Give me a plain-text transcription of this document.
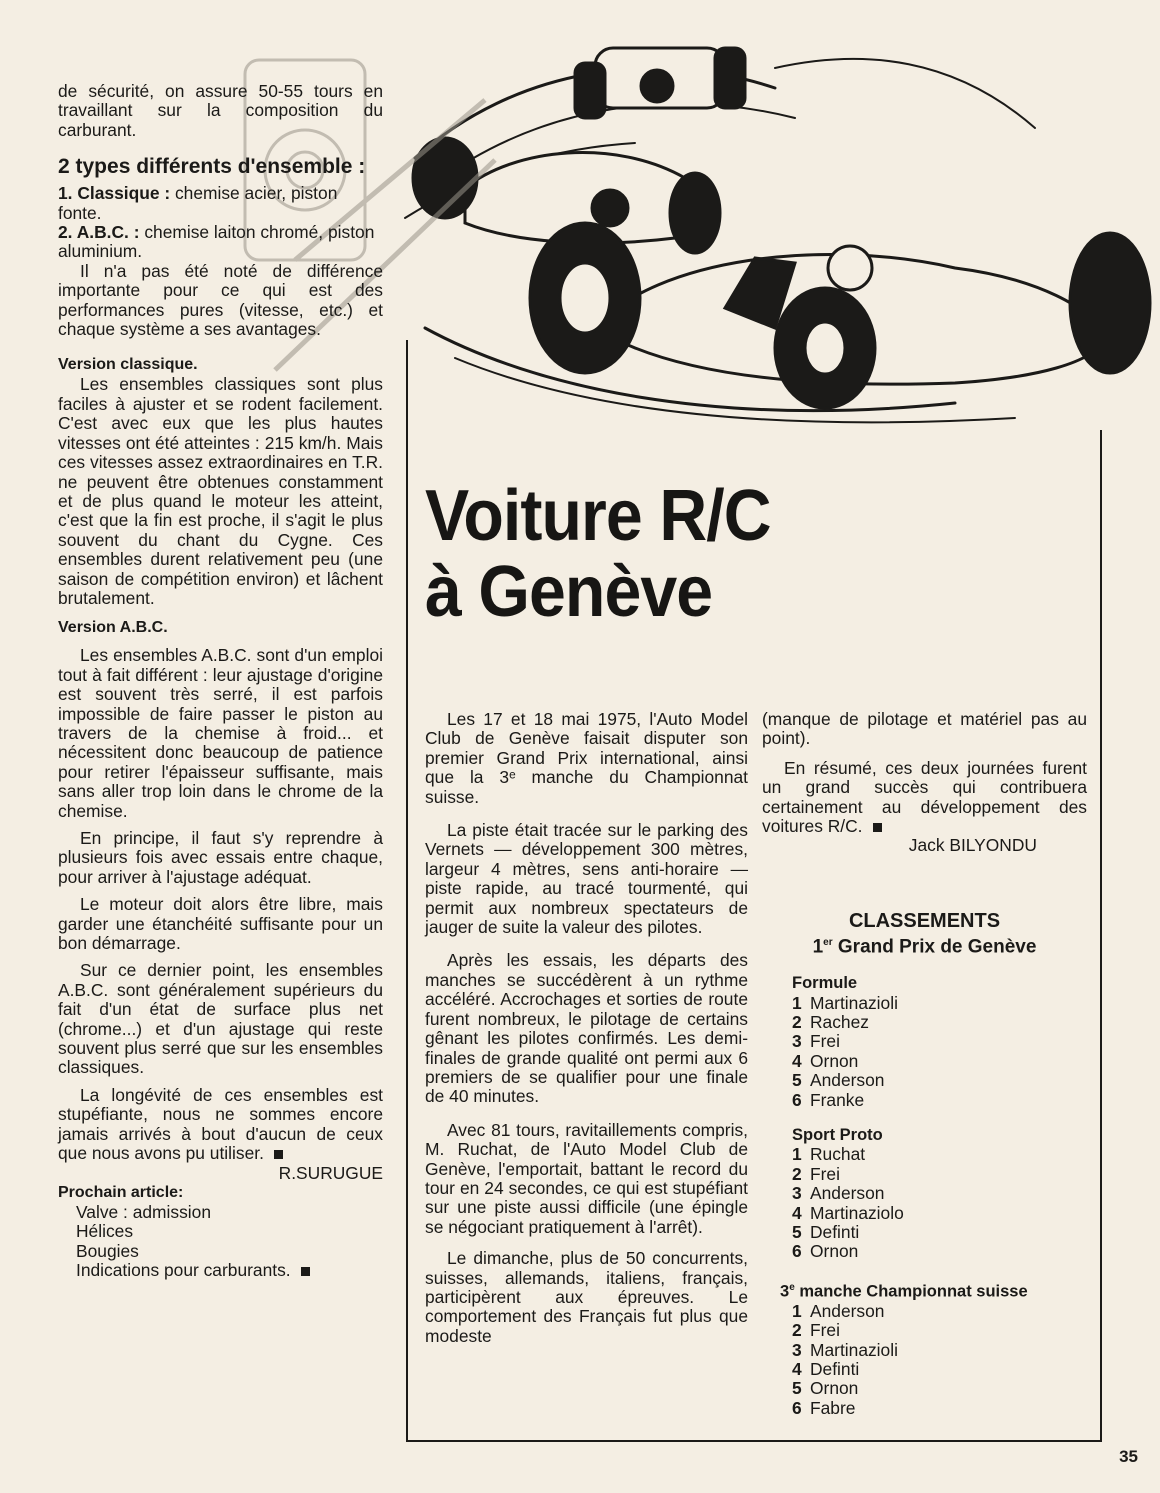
de sécurité, on assure 50-55 tours en travaillant sur la composition du carburant.

2 types différents d'ensemble :

1. Classique : chemise acier, piston fonte.

2. A.B.C. : chemise laiton chromé, piston aluminium.

Il n'a pas été noté de différence importante pour ce qui est des performances pures (vitesse, etc.) et chaque système a ses avantages.

Version classique.

Les ensembles classiques sont plus faciles à ajuster et se rodent facilement. C'est avec eux que les plus hautes vitesses ont été atteintes : 215 km/h. Mais ces vitesses assez extraordinaires en T.R. ne peuvent être obtenues constamment et de plus quand le moteur les atteint, c'est que la fin est proche, il s'agit le plus souvent du chant du Cygne. Ces ensembles durent relativement peu (une saison de compétition environ) et lâchent brutalement.

Version A.B.C.

Les ensembles A.B.C. sont d'un emploi tout à fait différent : leur ajustage d'origine est souvent très serré, il est parfois impossible de faire passer le piston au travers de la chemise à froid... et nécessitent donc beaucoup de patience pour retirer l'épaisseur suffisante, mais sans aller trop loin dans le chrome de la chemise.

En principe, il faut s'y reprendre à plusieurs fois avec essais entre chaque, pour arriver à l'ajustage adéquat.

Le moteur doit alors être libre, mais garder une étanchéité suffisante pour un bon démarrage.

Sur ce dernier point, les ensembles A.B.C. sont généralement supérieurs du fait d'un état de surface plus net (chrome...) et d'un ajustage qui reste souvent plus serré que sur les ensembles classiques.

La longévité de ces ensembles est stupéfiante, nous ne sommes encore jamais arrivés à bout d'aucun de ceux que nous avons pu utiliser.

R.SURUGUE

Prochain article:

Valve : admission

Hélices

Bougies

Indications pour carburants.

Voiture R/C
à Genève

Les 17 et 18 mai 1975, l'Auto Model Club de Genève faisait disputer son premier Grand Prix international, ainsi que la 3ᵉ manche du Championnat suisse.

La piste était tracée sur le parking des Vernets — développement 300 mètres, largeur 4 mètres, sens anti-horaire — piste rapide, au tracé tourmenté, qui permit aux nombreux spectateurs de jauger de suite la valeur des pilotes.

Après les essais, les départs des manches se succédèrent à un rythme accéléré. Accrochages et sorties de route furent nombreux, le pilotage de certains gênant les pilotes confirmés. Les demi-finales de grande qualité ont permi aux 6 premiers de se qualifier pour une finale de 40 minutes.

Avec 81 tours, ravitaillements compris, M. Ruchat, de l'Auto Model Club de Genève, l'emportait, battant le record du tour en 24 secondes, ce qui est stupéfiant sur une piste aussi difficile (une épingle se négociant pratiquement à l'arrêt).

Le dimanche, plus de 50 concurrents, suisses, allemands, italiens, français, participèrent aux épreuves. Le comportement des Français fut plus que modeste

(manque de pilotage et matériel pas au point).

En résumé, ces deux journées furent un grand succès qui contribuera certainement au développement des voitures R/C.

Jack BILYONDU

CLASSEMENTS

1er Grand Prix de Genève

Formule

1 Martinazioli

2 Rachez

3 Frei

4 Ornon

5 Anderson

6 Franke

Sport Proto

1 Ruchat

2 Frei

3 Anderson

4 Martinaziolo

5 Definti

6 Ornon

3e manche Championnat suisse

1 Anderson

2 Frei

3 Martinazioli

4 Definti

5 Ornon

6 Fabre

35
